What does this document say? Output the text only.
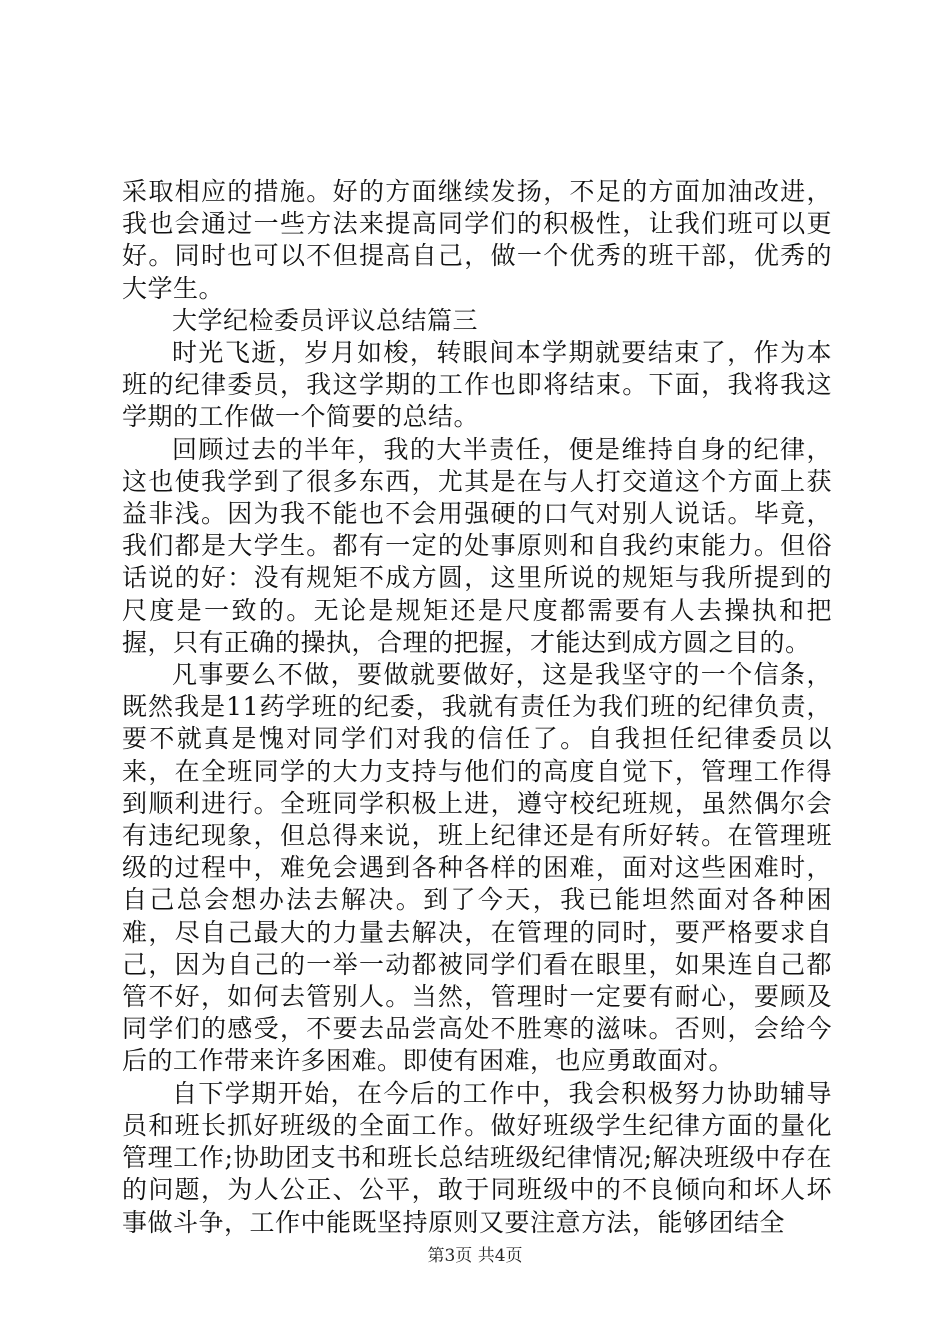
采取相应的措施。好的方面继续发扬，不足的方面加油改进，我也会通过一些方法来提高同学们的积极性，让我们班可以更好。同时也可以不但提高自己，做一个优秀的班干部，优秀的大学生。

大学纪检委员评议总结篇三

时光飞逝，岁月如梭，转眼间本学期就要结束了，作为本班的纪律委员，我这学期的工作也即将结束。下面，我将我这学期的工作做一个简要的总结。

回顾过去的半年，我的大半责任，便是维持自身的纪律，这也使我学到了很多东西，尤其是在与人打交道这个方面上获益非浅。因为我不能也不会用强硬的口气对别人说话。毕竟，我们都是大学生。都有一定的处事原则和自我约束能力。但俗话说的好：没有规矩不成方圆，这里所说的规矩与我所提到的尺度是一致的。无论是规矩还是尺度都需要有人去操执和把握，只有正确的操执，合理的把握，才能达到成方圆之目的。

凡事要么不做，要做就要做好，这是我坚守的一个信条，既然我是11药学班的纪委，我就有责任为我们班的纪律负责，要不就真是愧对同学们对我的信任了。自我担任纪律委员以来，在全班同学的大力支持与他们的高度自觉下，管理工作得到顺利进行。全班同学积极上进，遵守校纪班规，虽然偶尔会有违纪现象，但总得来说，班上纪律还是有所好转。在管理班级的过程中，难免会遇到各种各样的困难，面对这些困难时，自己总会想办法去解决。到了今天，我已能坦然面对各种困难，尽自己最大的力量去解决，在管理的同时，要严格要求自己，因为自己的一举一动都被同学们看在眼里，如果连自己都管不好，如何去管别人。当然，管理时一定要有耐心，要顾及同学们的感受，不要去品尝高处不胜寒的滋味。否则，会给今后的工作带来许多困难。即使有困难，也应勇敢面对。

自下学期开始，在今后的工作中，我会积极努力协助辅导员和班长抓好班级的全面工作。做好班级学生纪律方面的量化管理工作;协助团支书和班长总结班级纪律情况;解决班级中存在的问题，为人公正、公平，敢于同班级中的不良倾向和坏人坏事做斗争，工作中能既坚持原则又要注意方法，能够团结全

第3页 共4页
